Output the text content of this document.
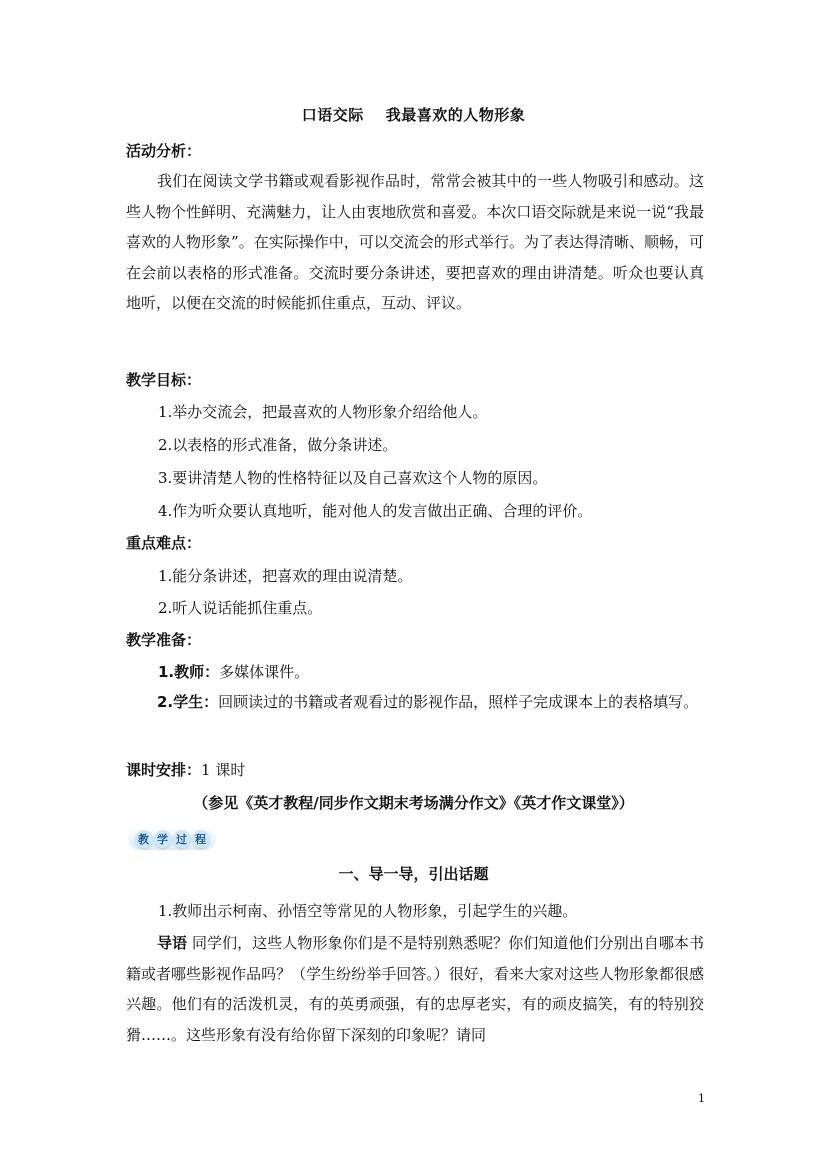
口语交际 我最喜欢的人物形象
活动分析：
我们在阅读文学书籍或观看影视作品时，常常会被其中的一些人物吸引和感动。这些人物个性鲜明、充满魅力，让人由衷地欣赏和喜爱。本次口语交际就是来说一说“我最喜欢的人物形象”。在实际操作中，可以交流会的形式举行。为了表达得清晰、顺畅，可在会前以表格的形式准备。交流时要分条讲述，要把喜欢的理由讲清楚。听众也要认真地听，以便在交流的时候能抓住重点，互动、评议。
教学目标：
1.举办交流会，把最喜欢的人物形象介绍给他人。
2.以表格的形式准备，做分条讲述。
3.要讲清楚人物的性格特征以及自己喜欢这个人物的原因。
4.作为听众要认真地听，能对他人的发言做出正确、合理的评价。
重点难点：
1.能分条讲述，把喜欢的理由说清楚。
2.听人说话能抓住重点。
教学准备：
1.教师：多媒体课件。
2.学生：回顾读过的书籍或者观看过的影视作品，照样子完成课本上的表格填写。
课时安排：1 课时
（参见《英才教程/同步作文期末考场满分作文》《英才作文课堂》）
教 学 过 程
一、导一导，引出话题
1.教师出示柯南、孙悟空等常见的人物形象，引起学生的兴趣。
导语 同学们，这些人物形象你们是不是特别熟悉呢？你们知道他们分别出自哪本书籍或者哪些影视作品吗？（学生纷纷举手回答。）很好，看来大家对这些人物形象都很感兴趣。他们有的活泼机灵，有的英勇顽强，有的忠厚老实，有的顽皮搞笑，有的特别狡猾……。这些形象有没有给你留下深刻的印象呢？请同
1
